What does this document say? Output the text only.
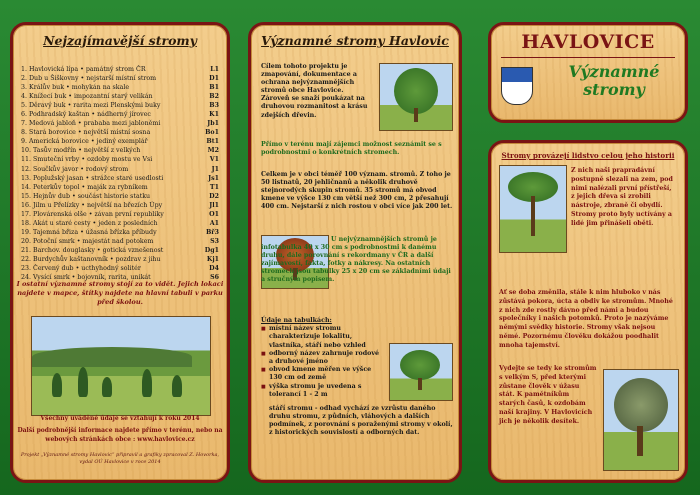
Nejzajímavější stromy
1. Havlovická lípa • památný strom ČR	L1
2. Dub u Šiškovny • nejstarší místní strom	D1
3. Králův buk • mohykán na skale	B1
4. Knížecí buk • impozantní starý velikán	B2
5. Děravý buk • rarita mezi Plenskými buky	B3
6. Podhradský kaštan • nádherný jírovec	K1
7. Medová jabloň • prababa mezi jabloněmi	Jb1
8. Stará borovice • největší místní sosna	Bo1
9. Americká borovice • jediný exemplář	Bt1
10. Tasův modřín • největší z velkých	M2
11. Smuteční vrby • ozdoby mostu ve Vsi	V1
12. Součkův javor • rodový strom	J1
13. Poplužský jasan • strážce staré usedlosti	Js1
14. Peterkův topol • maják za rybníkem	T1
15. Hejnův dub • součást historie statku	D2
16. Jilm u Přelízky • největší na březích Úpy	Jl1
17. Plovárenská olše • závan první republiky	O1
18. Akát u staré cesty • jeden z posledních	A1
19. Tajemná břiza • úžasná břízka příbudy	Bř3
20. Potoční smrk • majestát nad potokem	S3
21. Barchov. douglasky • gotická vznešenost	Dg1
22. Burdychův kaštanovník • pozdrav z jihu	Kj1
23. Červený dub • ucthyhodný solitér	D4
24. Vysící smrk • bojovník, rarita, unikát	S6
I ostatní významné stromy stojí za to vidět. Jejich lokaci najdete v mapce, štítky najdete na hlavní tabuli v parku před školou.
Všechny uváděné údaje se vztahují k roku 2014
Další podrobnější informace najdete přímo v terénu, nebo na webových stránkách obce : www.havlovice.cz
Projekt „Významné stromy Havlovic“ připravil a grafiky zpracoval Z. Hovorka, vydal OÚ Havlovice v roce 2014
Významné stromy Havlovic
Cílem tohoto projektu je zmapování, dokumentace a ochrana nejvýznamnějších stromů obce Havlovice. Zároveň se snaží poukázat na druhovou rozmanitost a krásu zdejších dřevin.
Přímo v terénu mají zájemci možnost seznámit se s podrobnostmi o konkrétních stromech.
Celkem je v obci téměř 100 význam. stromů. Z toho je 50 listnatů, 20 jehličnanů a několik druhově stejnorodých skupin stromů. 35 stromů má obvod kmene ve výšce 130 cm větší než 300 cm, 2 přesahují 400 cm. Nejstarší z nich rostou v obci více jak 200 let.
U nejvýznamnějších stromů je infotabulka 40 x 30 cm s podrobnostmi k danému druhu, dále porovnání s rekordmany v ČR a další zajímavostí, fakta, fotky a nákresy. Na ostatních stromech jsou tabulky 25 x 20 cm se základními údaji a stručným popisem.
Údaje na tabulkách:
■ místní název stromu charakterizuje lokalitu, vlastníka, stáří nebo vzhled
■ odborný název zahrnuje rodové a druhové jméno
■ obvod kmene měřen ve výšce 130 cm od země
■ výška stromu je uvedena s tolerancí 1 - 2 m
stáří stromu - odhad vychází ze vzrůstu daného druhu stromu, z půdních, vláhových a dalších podmínek, z porovnání s poraženými stromy v okolí, z historických souvislostí a odborných dat.
HAVLOVICE
Významné
stromy
Stromy provázejí lidstvo celou jeho historii
Z nich naši prapradávní postupně slezali na zem, pod nimi nalézali první přístřeší, z jejich dřeva si zrobili nástroje, zbraně či obydlí. Stromy proto byly uctívány a lidé jim přinášeli oběti.
Ať se doba změnila, stále k nim hluboko v nás zůstává pokora, úcta a obdiv ke stromům. Mnohé z nich zde rostly dávno před námi a budou společníky i našich potomků. Proto je nazýváme němými svědky historie. Stromy však nejsou němé. Pozornému člověku dokážou poodhalit mnoha tajemství.
Vydejte se tedy ke stromům s velkým S, před kterými zůstane člověk v úžasu stát. K pamětníkům starých časů, k ozdobám naší krajiny. V Havlovicích jich je několik desítek.
